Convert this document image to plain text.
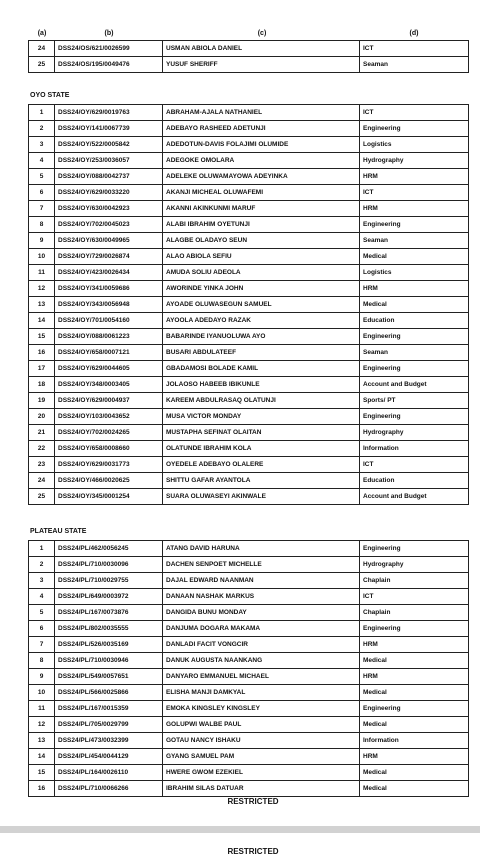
(a)	(b)	(c)	(d)
24	DSS24/OS/621/0026599	USMAN ABIOLA DANIEL	ICT
25	DSS24/OS/195/0049476	YUSUF SHERIFF	Seaman
OYO STATE
1	DSS24/OY/629/0019763	ABRAHAM-AJALA NATHANIEL	ICT
2	DSS24/OY/141/0067739	ADEBAYO RASHEED ADETUNJI	Engineering
3	DSS24/OY/522/0005842	ADEDOTUN-DAVIS FOLAJIMI OLUMIDE	Logistics
4	DSS24/OY/253/0036057	ADEGOKE OMOLARA	Hydrography
5	DSS24/OY/088/0042737	ADELEKE OLUWAMAYOWA ADEYINKA	HRM
6	DSS24/OY/629/0033220	AKANJI MICHEAL OLUWAFEMI	ICT
7	DSS24/OY/630/0042923	AKANNI AKINKUNMI MARUF	HRM
8	DSS24/OY/702/0045023	ALABI IBRAHIM OYETUNJI	Engineering
9	DSS24/OY/630/0049965	ALAGBE OLADAYO SEUN	Seaman
10	DSS24/OY/729/0026874	ALAO ABIOLA SEFIU	Medical
11	DSS24/OY/423/0026434	AMUDA SOLIU ADEOLA	Logistics
12	DSS24/OY/341/0059686	AWORINDE YINKA JOHN	HRM
13	DSS24/OY/343/0056948	AYOADE OLUWASEGUN SAMUEL	Medical
14	DSS24/OY/701/0054160	AYOOLA ADEDAYO RAZAK	Education
15	DSS24/OY/088/0061223	BABARINDE IYANUOLUWA AYO	Engineering
16	DSS24/OY/658/0007121	BUSARI ABDULATEEF	Seaman
17	DSS24/OY/629/0044605	GBADAMOSI BOLADE KAMIL	Engineering
18	DSS24/OY/348/0003405	JOLAOSO HABEEB IBIKUNLE	Account and Budget
19	DSS24/OY/629/0004937	KAREEM ABDULRASAQ OLATUNJI	Sports/ PT
20	DSS24/OY/103/0043652	MUSA VICTOR MONDAY	Engineering
21	DSS24/OY/702/0024265	MUSTAPHA SEFINAT OLAITAN	Hydrography
22	DSS24/OY/658/0008660	OLATUNDE IBRAHIM KOLA	Information
23	DSS24/OY/629/0031773	OYEDELE ADEBAYO OLALERE	ICT
24	DSS24/OY/466/0020625	SHITTU GAFAR AYANTOLA	Education
25	DSS24/OY/345/0001254	SUARA OLUWASEYI AKINWALE	Account and Budget
PLATEAU STATE
1	DSS24/PL/462/0056245	ATANG DAVID HARUNA	Engineering
2	DSS24/PL/710/0030096	DACHEN SENPOET MICHELLE	Hydrography
3	DSS24/PL/710/0029755	DAJAL EDWARD NAANMAN	Chaplain
4	DSS24/PL/649/0003972	DANAAN NASHAK MARKUS	ICT
5	DSS24/PL/167/0073876	DANGIDA BUNU MONDAY	Chaplain
6	DSS24/PL/802/0035555	DANJUMA DOGARA MAKAMA	Engineering
7	DSS24/PL/526/0035169	DANLADI FACIT VONGCIR	HRM
8	DSS24/PL/710/0030946	DANUK AUGUSTA NAANKANG	Medical
9	DSS24/PL/549/0057651	DANYARO EMMANUEL MICHAEL	HRM
10	DSS24/PL/566/0025866	ELISHA MANJI DAMKYAL	Medical
11	DSS24/PL/167/0015359	EMOKA KINGSLEY KINGSLEY	Engineering
12	DSS24/PL/705/0029799	GOLUPWI WALBE PAUL	Medical
13	DSS24/PL/473/0032399	GOTAU NANCY ISHAKU	Information
14	DSS24/PL/454/0044129	GYANG SAMUEL PAM	HRM
15	DSS24/PL/164/0026110	HWERE GWOM EZEKIEL	Medical
16	DSS24/PL/710/0066266	IBRAHIM SILAS DATUAR	Medical
RESTRICTED
RESTRICTED
